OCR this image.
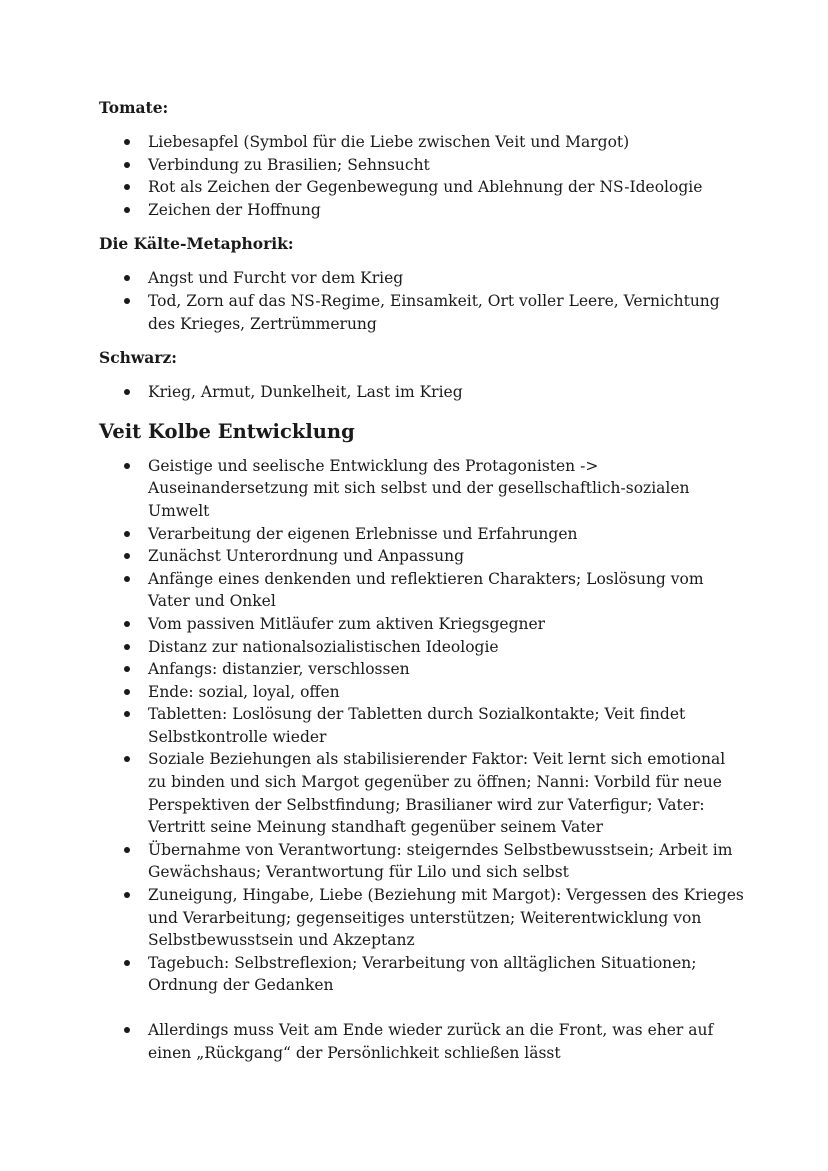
Tomate:

Liebesapfel (Symbol für die Liebe zwischen Veit und Margot)
Verbindung zu Brasilien; Sehnsucht
Rot als Zeichen der Gegenbewegung und Ablehnung der NS-Ideologie
Zeichen der Hoffnung

Die Kälte-Metaphorik:

Angst und Furcht vor dem Krieg
Tod, Zorn auf das NS-Regime, Einsamkeit, Ort voller Leere, Vernichtung des Krieges, Zertrümmerung

Schwarz:

Krieg, Armut, Dunkelheit, Last im Krieg
Veit Kolbe Entwicklung
Geistige und seelische Entwicklung des Protagonisten -> Auseinandersetzung mit sich selbst und der gesellschaftlich-sozialen Umwelt
Verarbeitung der eigenen Erlebnisse und Erfahrungen
Zunächst Unterordnung und Anpassung
Anfänge eines denkenden und reflektieren Charakters; Loslösung vom Vater und Onkel
Vom passiven Mitläufer zum aktiven Kriegsgegner
Distanz zur nationalsozialistischen Ideologie
Anfangs: distanzier, verschlossen
Ende: sozial, loyal, offen
Tabletten: Loslösung der Tabletten durch Sozialkontakte; Veit findet Selbstkontrolle wieder
Soziale Beziehungen als stabilisierender Faktor: Veit lernt sich emotional zu binden und sich Margot gegenüber zu öffnen; Nanni: Vorbild für neue Perspektiven der Selbstfindung; Brasilianer wird zur Vaterfigur; Vater: Vertritt seine Meinung standhaft gegenüber seinem Vater
Übernahme von Verantwortung: steigerndes Selbstbewusstsein; Arbeit im Gewächshaus; Verantwortung für Lilo und sich selbst
Zuneigung, Hingabe, Liebe (Beziehung mit Margot): Vergessen des Krieges und Verarbeitung; gegenseitiges unterstützen; Weiterentwicklung von Selbstbewusstsein und Akzeptanz
Tagebuch: Selbstreflexion; Verarbeitung von alltäglichen Situationen; Ordnung der Gedanken
Allerdings muss Veit am Ende wieder zurück an die Front, was eher auf einen „Rückgang“ der Persönlichkeit schließen lässt
